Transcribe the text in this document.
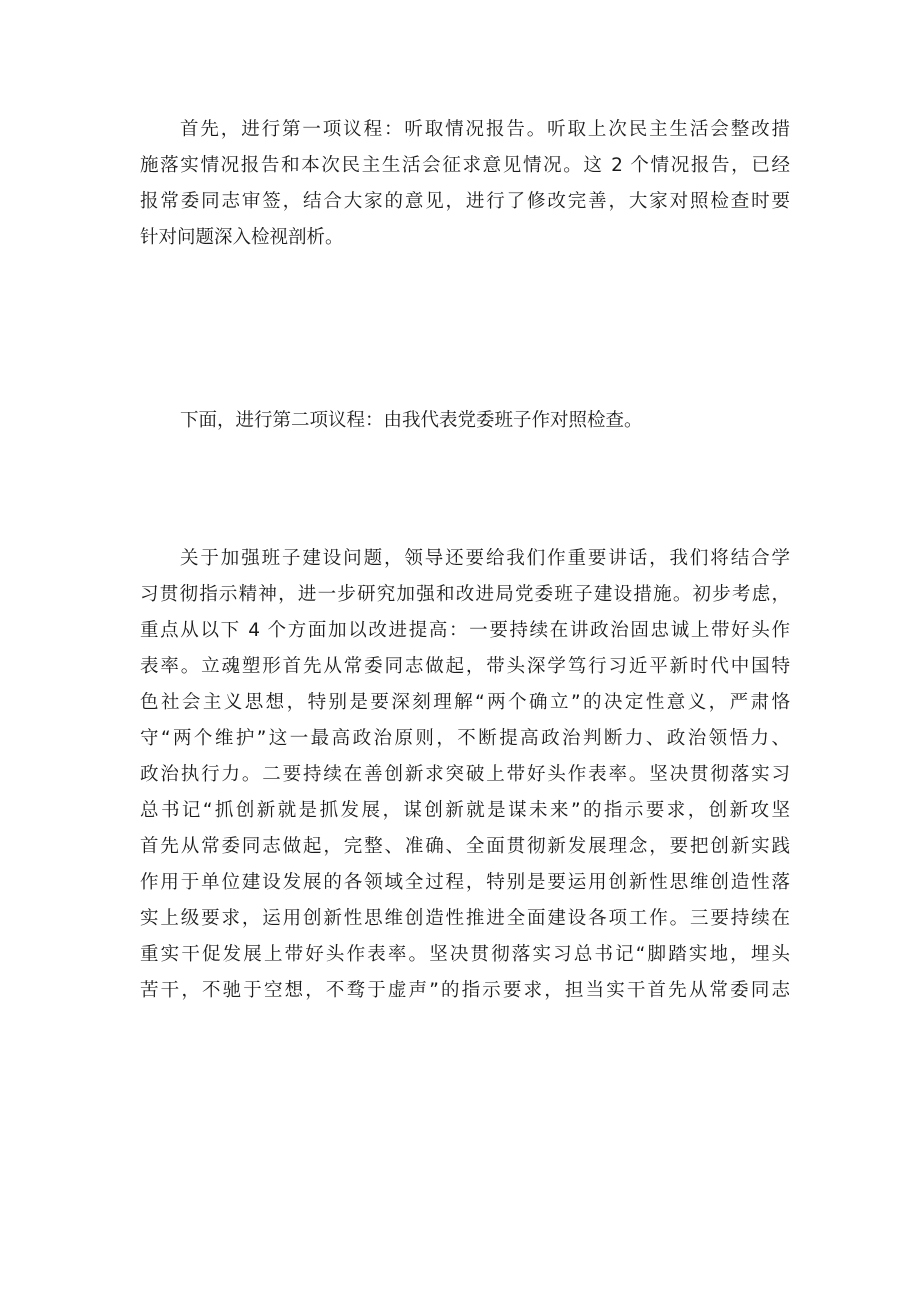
首先，进行第一项议程：听取情况报告。听取上次民主生活会整改措
施落实情况报告和本次民主生活会征求意见情况。这 2 个情况报告，已经
报常委同志审签，结合大家的意见，进行了修改完善，大家对照检查时要
针对问题深入检视剖析。
下面，进行第二项议程：由我代表党委班子作对照检查。
关于加强班子建设问题，领导还要给我们作重要讲话，我们将结合学
习贯彻指示精神，进一步研究加强和改进局党委班子建设措施。初步考虑，
重点从以下 4 个方面加以改进提高：一要持续在讲政治固忠诚上带好头作
表率。立魂塑形首先从常委同志做起，带头深学笃行习近平新时代中国特
色社会主义思想，特别是要深刻理解“两个确立”的决定性意义，严肃恪
守“两个维护”这一最高政治原则，不断提高政治判断力、政治领悟力、
政治执行力。二要持续在善创新求突破上带好头作表率。坚决贯彻落实习
总书记“抓创新就是抓发展，谋创新就是谋未来”的指示要求，创新攻坚
首先从常委同志做起，完整、准确、全面贯彻新发展理念，要把创新实践
作用于单位建设发展的各领域全过程，特别是要运用创新性思维创造性落
实上级要求，运用创新性思维创造性推进全面建设各项工作。三要持续在
重实干促发展上带好头作表率。坚决贯彻落实习总书记“脚踏实地，埋头
苦干，不驰于空想，不骛于虚声”的指示要求，担当实干首先从常委同志
